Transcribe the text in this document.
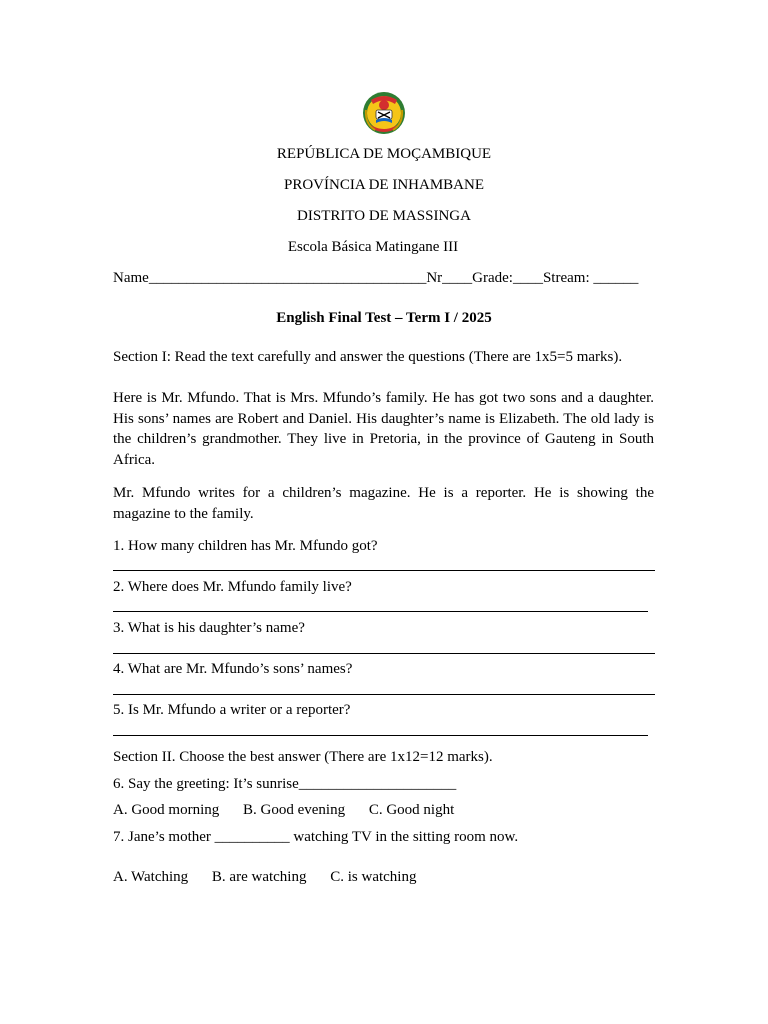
REPÚBLICA DE MOÇAMBIQUE
PROVÍNCIA DE INHAMBANE
DISTRITO DE MASSINGA
Escola Básica Matingane III
Name_____________________________________Nr____Grade:____Stream: ______
English Final Test – Term I / 2025
Section I: Read the text carefully and answer the questions (There are 1x5=5 marks).

Here is Mr. Mfundo. That is Mrs. Mfundo’s family. He has got two sons and a daughter. His sons’ names are Robert and Daniel. His daughter’s name is Elizabeth. The old lady is the children’s grandmother. They live in Pretoria, in the province of Gauteng in South Africa.

Mr. Mfundo writes for a children’s magazine. He is a reporter. He is showing the magazine to the family.

1. How many children has Mr. Mfundo got?
2. Where does Mr. Mfundo family live?
3. What is his daughter’s name?
4. What are Mr. Mfundo’s sons’ names?
5. Is Mr. Mfundo a writer or a reporter?
Section II. Choose the best answer (There are 1x12=12 marks).
6. Say the greeting: It’s sunrise_____________________
A. Good morning B. Good evening C. Good night
7. Jane’s mother __________ watching TV in the sitting room now.
A. Watching B. are watching C. is watching
